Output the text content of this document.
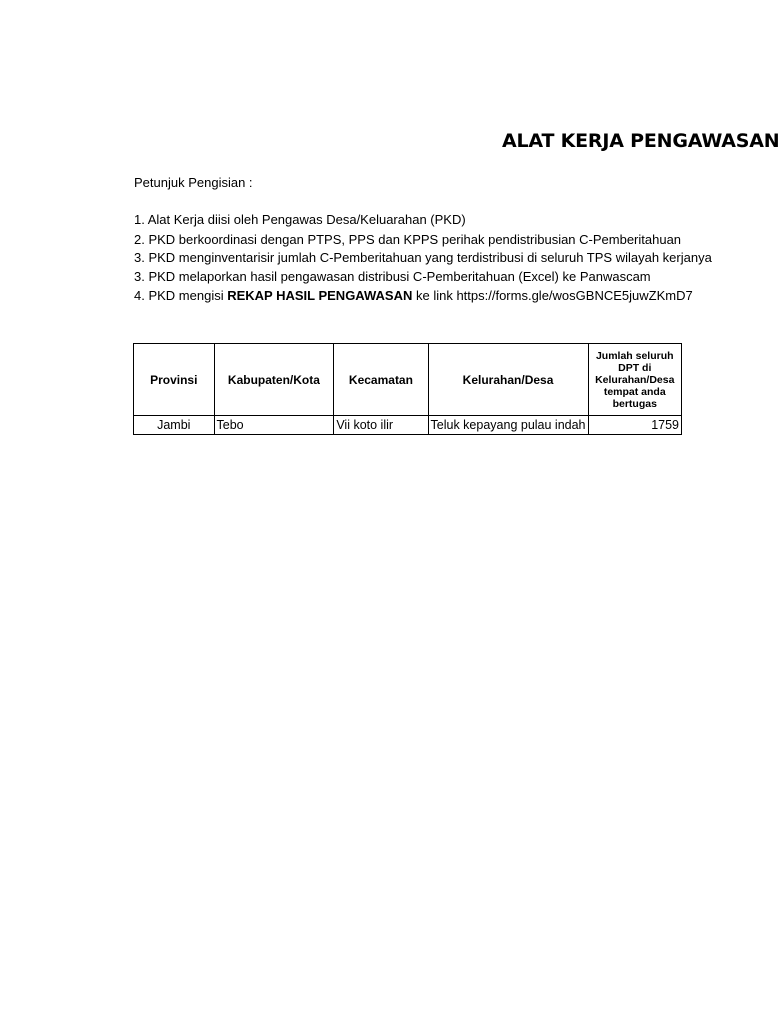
ALAT KERJA PENGAWASAN
Petunjuk Pengisian :
1. Alat Kerja diisi oleh Pengawas Desa/Keluarahan (PKD)
2. PKD berkoordinasi dengan PTPS, PPS dan KPPS perihak pendistribusian C-Pemberitahuan
3. PKD menginventarisir jumlah C-Pemberitahuan yang terdistribusi di seluruh TPS wilayah kerjanya
3. PKD melaporkan hasil pengawasan distribusi C-Pemberitahuan (Excel) ke Panwascam
4. PKD mengisi REKAP HASIL PENGAWASAN ke link https://forms.gle/wosGBNCE5juwZKmD7
Provinsi	Kabupaten/Kota	Kecamatan	Kelurahan/Desa	Jumlah seluruh DPT di Kelurahan/Desa tempat anda bertugas
Jambi	Tebo	Vii koto ilir	Teluk kepayang pulau indah	1759
